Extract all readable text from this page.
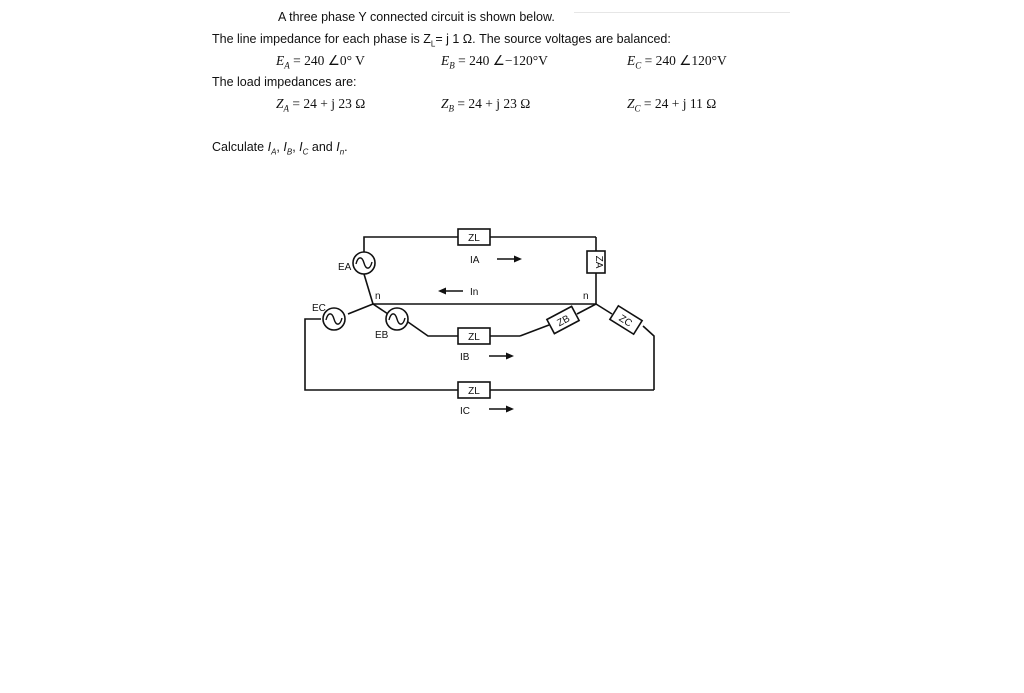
A three phase Y connected circuit is shown below.
The line impedance for each phase is $Z_L= j$ 1 Ω. The source voltages are balanced:
$E_A = 240$ ∠0° V	$E_B = 240$ ∠−120°V	$E_C = 240$ ∠120°V
The load impedances are:
$Z_A = 24 + j$ 23 Ω	$Z_B = 24 + j$ 23 Ω	$Z_C = 24 + j$ 11 Ω
Calculate $I_A$, $I_B$, $I_C$ and $I_n$.
ZL
ZL
ZL
ZA
ZB	ZC
EA
EC
EB
n	n
IA
In
IB
IC
